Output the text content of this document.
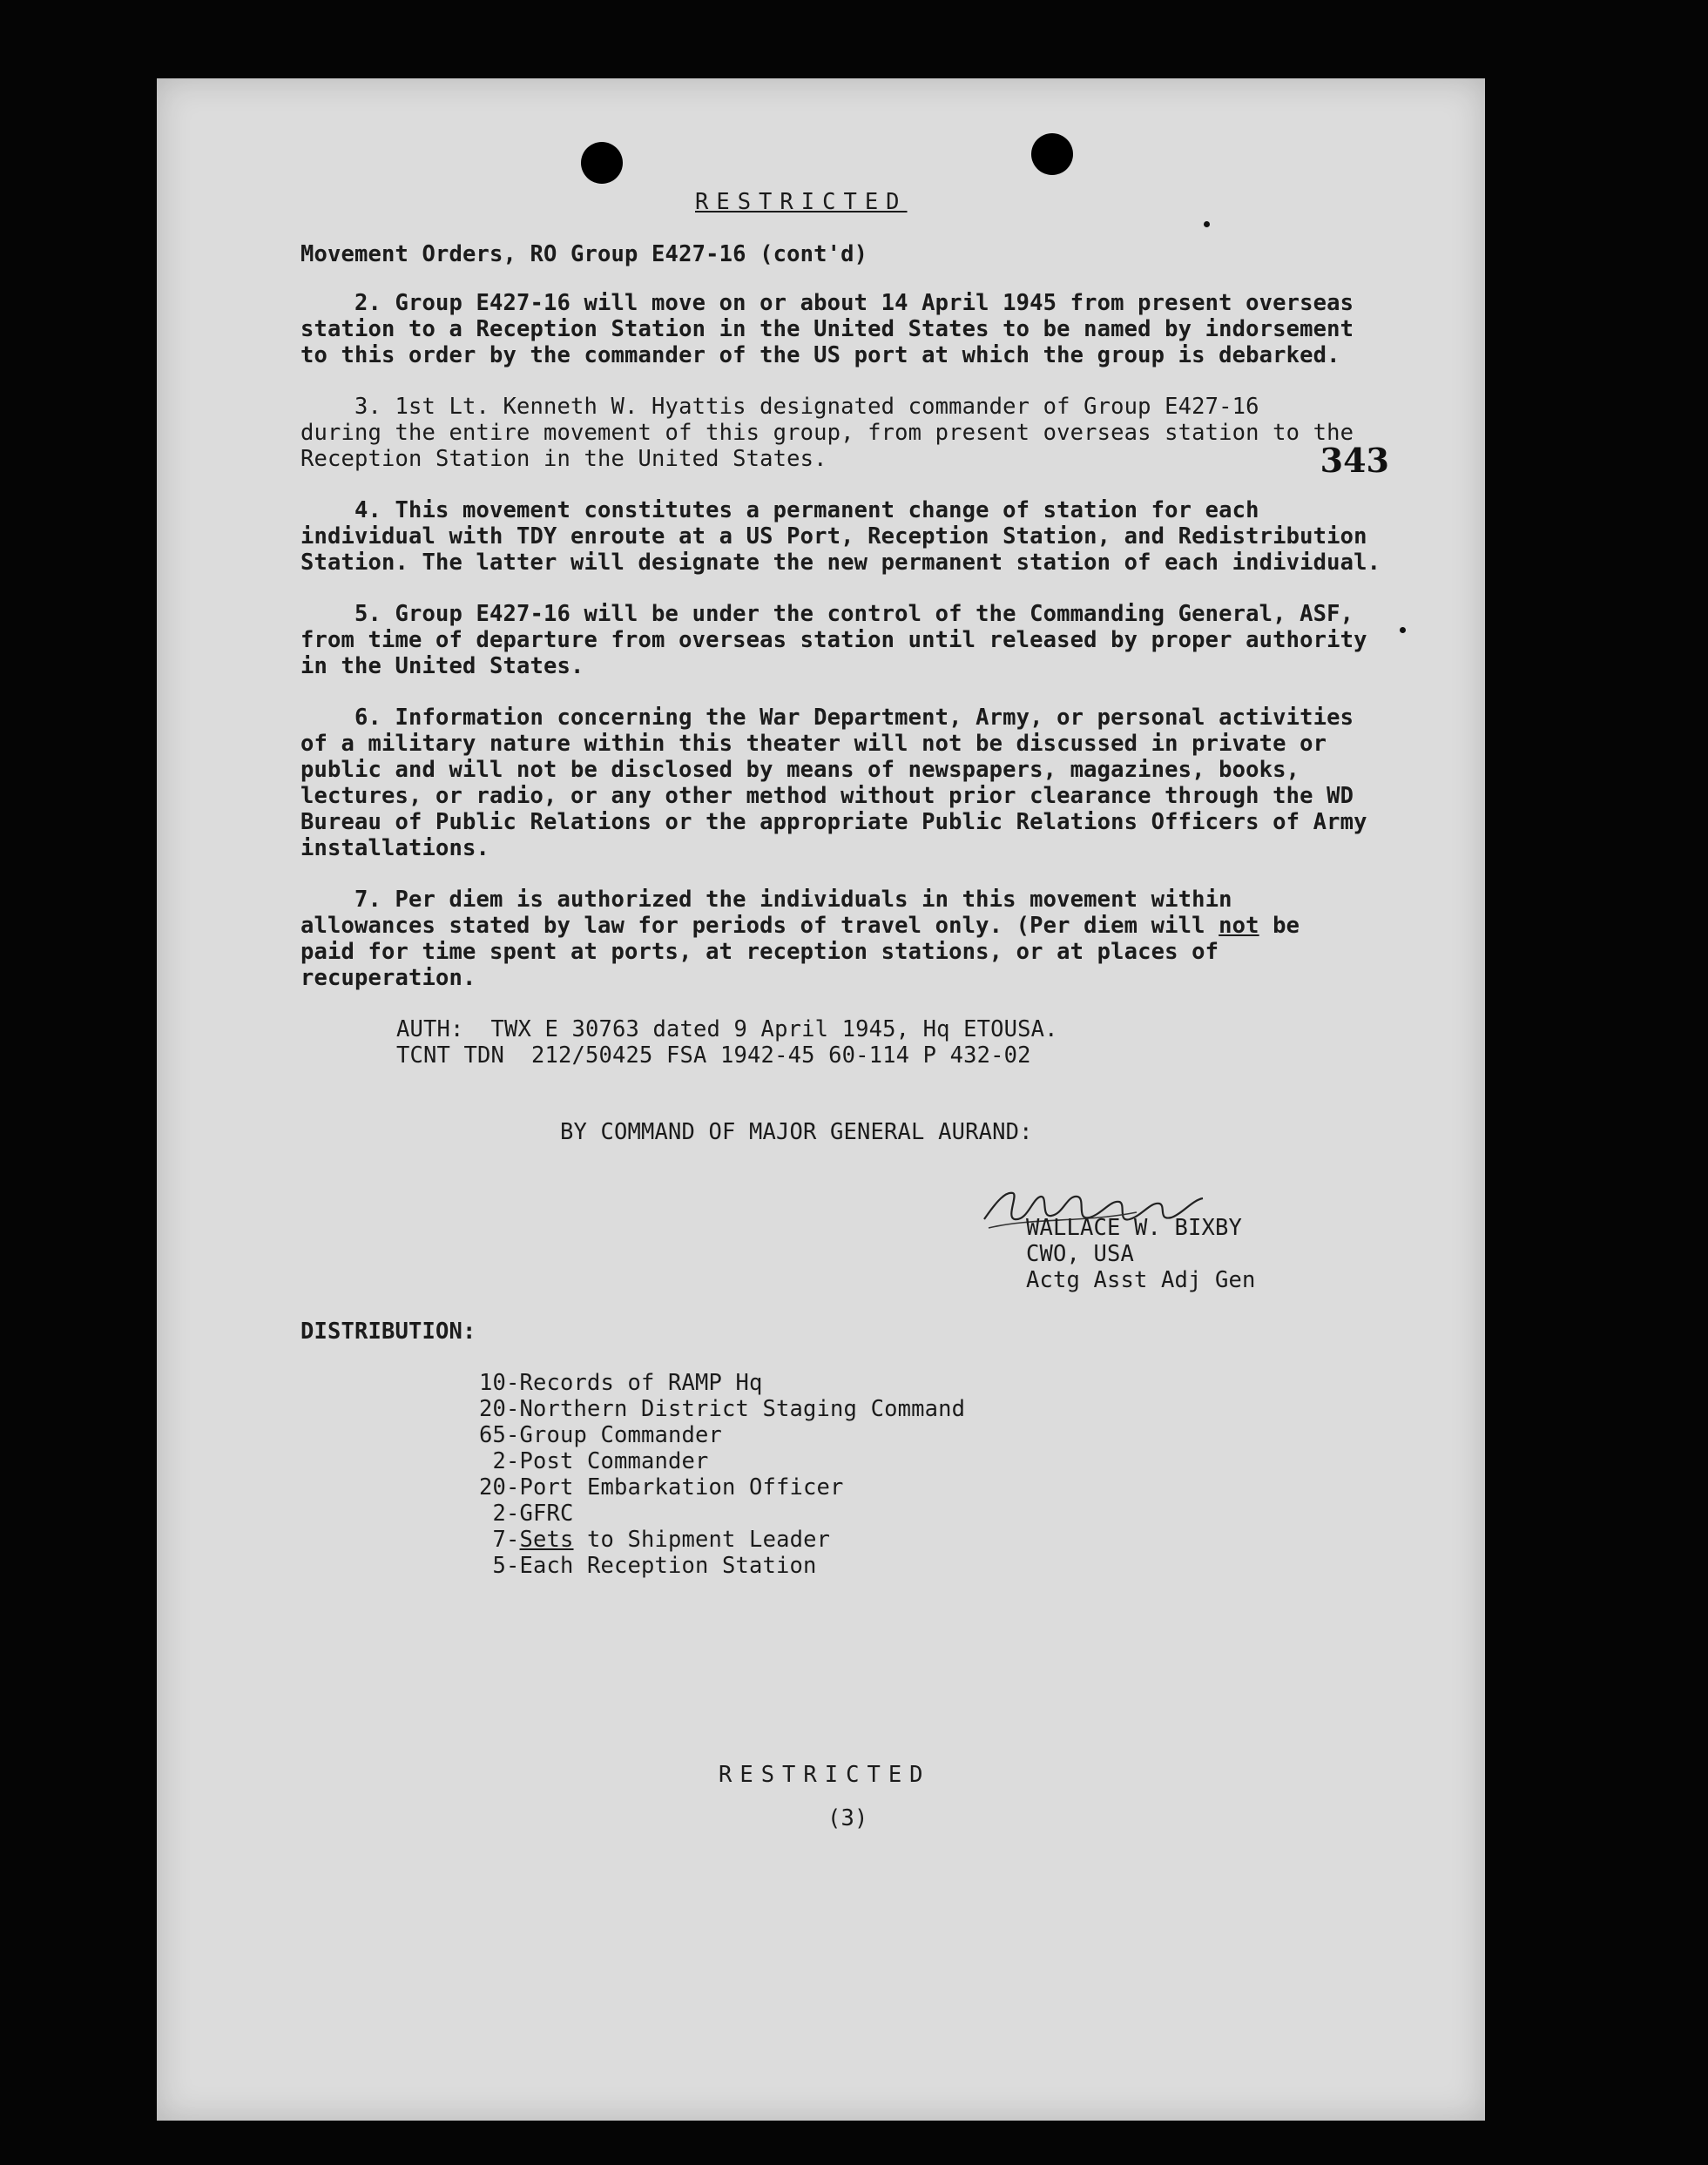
RESTRICTED
Movement Orders, RO Group E427-16 (cont'd)
343
2. Group E427-16 will move on or about 14 April 1945 from present overseas
station to a Reception Station in the United States to be named by indorsement
to this order by the commander of the US port at which the group is debarked.
3. 1st Lt. Kenneth W. Hyattis designated commander of Group E427-16
during the entire movement of this group, from present overseas station to the
Reception Station in the United States.
4. This movement constitutes a permanent change of station for each
individual with TDY enroute at a US Port, Reception Station, and Redistribution
Station. The latter will designate the new permanent station of each individual.
5. Group E427-16 will be under the control of the Commanding General, ASF,
from time of departure from overseas station until released by proper authority
in the United States.
6. Information concerning the War Department, Army, or personal activities
of a military nature within this theater will not be discussed in private or
public and will not be disclosed by means of newspapers, magazines, books,
lectures, or radio, or any other method without prior clearance through the WD
Bureau of Public Relations or the appropriate Public Relations Officers of Army
installations.
7. Per diem is authorized the individuals in this movement within
allowances stated by law for periods of travel only. (Per diem will not be
paid for time spent at ports, at reception stations, or at places of
recuperation.
AUTH:  TWX E 30763 dated 9 April 1945, Hq ETOUSA.
TCNT TDN  212/50425 FSA 1942-45 60-114 P 432-02
BY COMMAND OF MAJOR GENERAL AURAND:
WALLACE W. BIXBY
CWO, USA
Actg Asst Adj Gen
DISTRIBUTION:
10-Records of RAMP Hq
20-Northern District Staging Command
65-Group Commander
2-Post Commander
20-Port Embarkation Officer
2-GFRC
7-Sets to Shipment Leader
5-Each Reception Station
RESTRICTED
(3)
